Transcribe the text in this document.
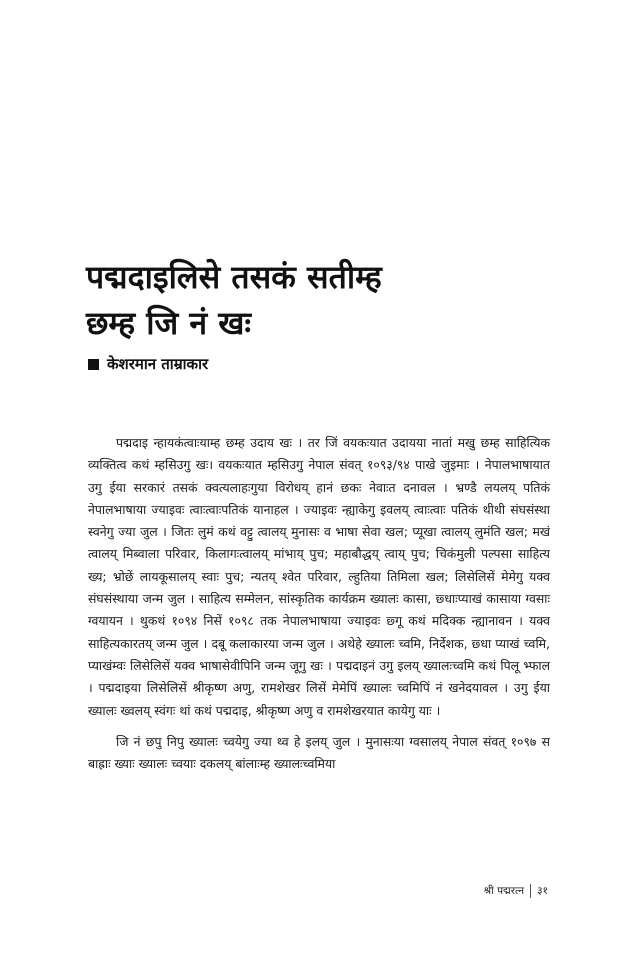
पद्मदाइलिसे तसकं सतीम्ह
छम्ह जि नं खः
केशरमान ताम्राकार

पद्मदाइ न्हायकंत्वाःयाम्ह छम्ह उदाय खः । तर जिं वयकःयात उदायया नातां मखु छम्ह साहित्यिक व्यक्तित्व कथं म्हसिउगु खः। वयकःयात म्हसिउगु नेपाल संवत् १०९३/९४ पाखे जुइमाः । नेपालभाषायात उगु ईया सरकारं तसकं क्वत्यलाहःगुया विरोधय् हानं छकः नेवाःत दनावल । भ्रण्डै लयलय् पतिकं नेपालभाषाया ज्याइवः त्वाःत्वाःपतिकं यानाहल । ज्याइवः न्ह्याकेगु इवलय् त्वाःत्वाः पतिकं थीथी संघसंस्था स्वनेगु ज्या जुल । जितः लुमं कथं वट्टु त्वालय् मुनासः व भाषा सेवा खल; प्यूखा त्वालय् लुमंति खल; मखं त्वालय् मिब्वाला परिवार, किलागःत्वालय् मांभाय् पुच; महाबौद्धय् त्वाय् पुच; चिकंमुली पल्पसा साहित्य ख्य; भ्रोछें लायकूसालय् स्वाः पुच; न्यतय् श्वेत परिवार, ल्हुतिया तिमिला खल; लिसेलिसें मेमेगु यक्व संघसंस्थाया जन्म जुल । साहित्य सम्मेलन, सांस्कृतिक कार्यक्रम ख्यालः कासा, छ्धाःप्याखं कासाया ग्वसाः ग्वयायन । थुकथं १०९४ निसें १०९८ तक नेपालभाषाया ज्याइवः छ्गू कथं मदिक्क न्ह्यानावन । यक्व साहित्यकारतय् जन्म जुल । दबू कलाकारया जन्म जुल । अथेहे ख्यालः च्वमि, निर्देशक, छ्धा प्याखं च्वमि, प्याखंम्वः लिसेलिसें यक्व भाषासेवीपिनि जन्म जूगु खः । पद्मदाइनं उगु इलय् ख्यालःच्वमि कथं पिलू भ्फाल । पद्मदाइया लिसेलिसें श्रीकृष्ण अणु, रामशेखर लिसें मेमेपिं ख्यालः च्वमिपिं नं खनेदयावल । उगु ईया ख्यालः ख्वलय् स्वंगः थां कथं पद्मदाइ, श्रीकृष्ण अणु व रामशेखरयात कायेगु याः ।

जि नं छपु निपु ख्यालः च्वयेगु ज्या थ्व हे इलय् जुल । मुनासःया ग्वसालय् नेपाल संवत् १०९७ स बाह्राः ख्याः ख्यालः च्वयाः दकलय् बांलाःम्ह ख्यालःच्वमिया

श्री पद्मरत्न ३१
